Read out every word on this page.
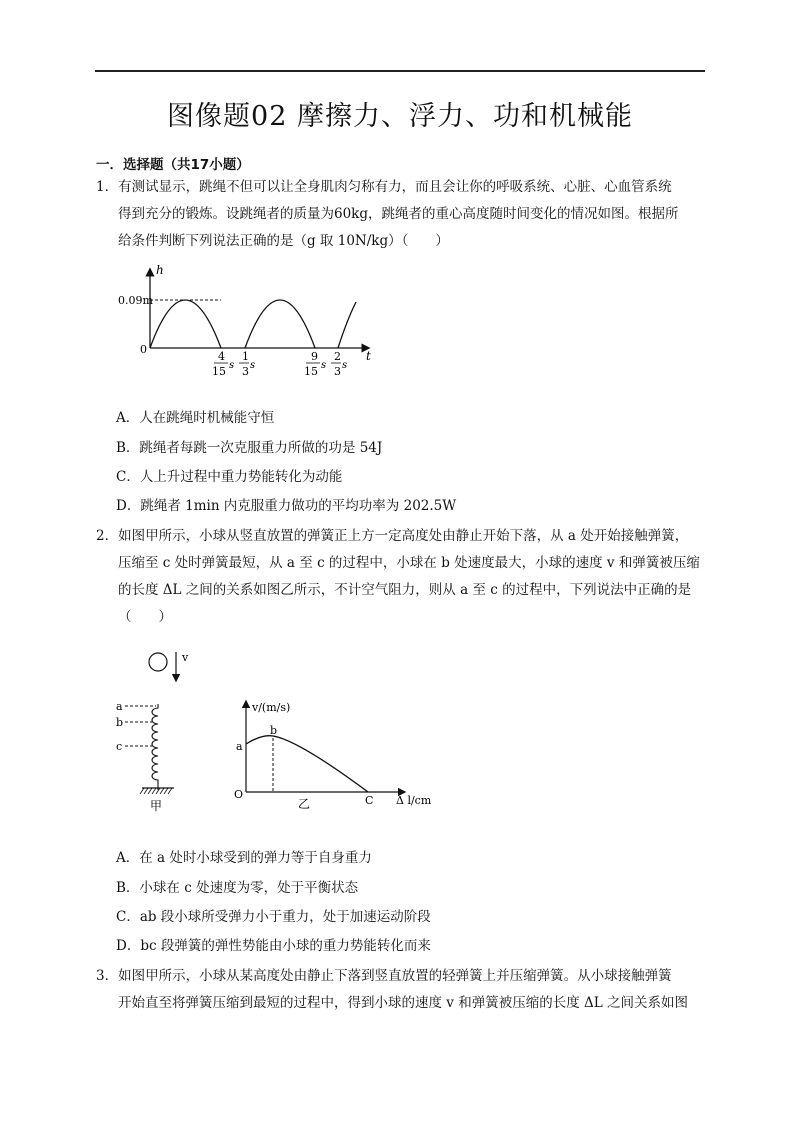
图像题02 摩擦力、浮力、功和机械能
一．选择题（共17小题）
1．有测试显示，跳绳不但可以让全身肌肉匀称有力，而且会让你的呼吸系统、心脏、心血管系统
得到充分的锻炼。设跳绳者的质量为60kg，跳绳者的重心高度随时间变化的情况如图。根据所
给条件判断下列说法正确的是（g 取 10N/kg）（　　）
h
t
0
0.09m
4
15 s
1
3 s
9
15 s
2
3 s
A．人在跳绳时机械能守恒
B．跳绳者每跳一次克服重力所做的功是 54J
C．人上升过程中重力势能转化为动能
D．跳绳者 1min 内克服重力做功的平均功率为 202.5W
2．如图甲所示，小球从竖直放置的弹簧正上方一定高度处由静止开始下落，从 a 处开始接触弹簧，
压缩至 c 处时弹簧最短，从 a 至 c 的过程中，小球在 b 处速度最大，小球的速度 v 和弹簧被压缩
的长度 ΔL 之间的关系如图乙所示，不计空气阻力，则从 a 至 c 的过程中，下列说法中正确的是
（　　）
v
a
b
c
甲
v/(m/s)
Δ l/cm
O
a
b
C
乙
A．在 a 处时小球受到的弹力等于自身重力
B．小球在 c 处速度为零，处于平衡状态
C．ab 段小球所受弹力小于重力，处于加速运动阶段
D．bc 段弹簧的弹性势能由小球的重力势能转化而来
3．如图甲所示，小球从某高度处由静止下落到竖直放置的轻弹簧上并压缩弹簧。从小球接触弹簧
开始直至将弹簧压缩到最短的过程中，得到小球的速度 v 和弹簧被压缩的长度 ΔL 之间关系如图
